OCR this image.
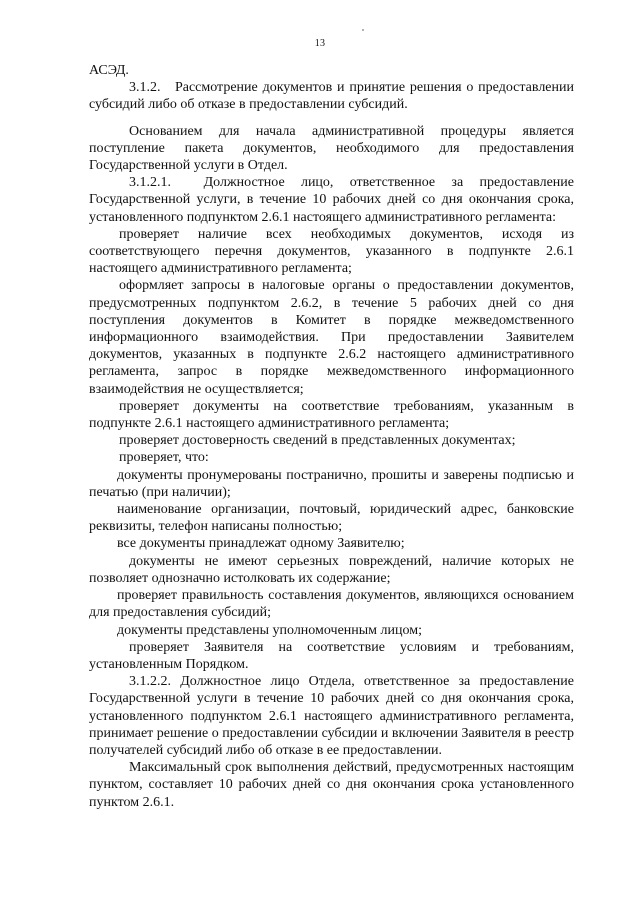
13

АСЭД.

3.1.2.   Рассмотрение документов и принятие решения о предоставлении субсидий либо об отказе в предоставлении субсидий.

Основанием для начала административной процедуры является поступление пакета документов, необходимого для предоставления Государственной услуги в Отдел.

3.1.2.1.  Должностное лицо, ответственное за предоставление Государственной услуги, в течение 10 рабочих дней со дня окончания срока, установленного подпунктом 2.6.1 настоящего административного регламента:

проверяет наличие всех необходимых документов, исходя из соответствующего перечня документов, указанного в подпункте 2.6.1 настоящего административного регламента;

оформляет запросы в налоговые органы о предоставлении документов, предусмотренных подпунктом 2.6.2, в течение 5 рабочих дней со дня поступления документов в Комитет в порядке межведомственного информационного взаимодействия. При предоставлении Заявителем документов, указанных в подпункте 2.6.2 настоящего административного регламента, запрос в порядке межведомственного информационного взаимодействия не осуществляется;

проверяет документы на соответствие требованиям, указанным в подпункте 2.6.1 настоящего административного регламента;

проверяет достоверность сведений в представленных документах;

проверяет, что:

документы пронумерованы постранично, прошиты и заверены подписью и печатью (при наличии);

наименование организации, почтовый, юридический адрес, банковские реквизиты, телефон написаны полностью;

все документы принадлежат одному Заявителю;

документы не имеют серьезных повреждений, наличие которых не позволяет однозначно истолковать их содержание;

проверяет правильность составления документов, являющихся основанием для предоставления субсидий;

документы представлены уполномоченным лицом;

проверяет Заявителя на соответствие условиям и требованиям, установленным Порядком.

3.1.2.2. Должностное лицо Отдела, ответственное за предоставление Государственной услуги в течение 10 рабочих дней со дня окончания срока, установленного подпунктом 2.6.1 настоящего административного регламента, принимает решение о предоставлении субсидии и включении Заявителя в реестр получателей субсидий либо об отказе в ее предоставлении.

Максимальный срок выполнения действий, предусмотренных настоящим пунктом, составляет 10 рабочих дней со дня окончания срока установленного пунктом 2.6.1.
